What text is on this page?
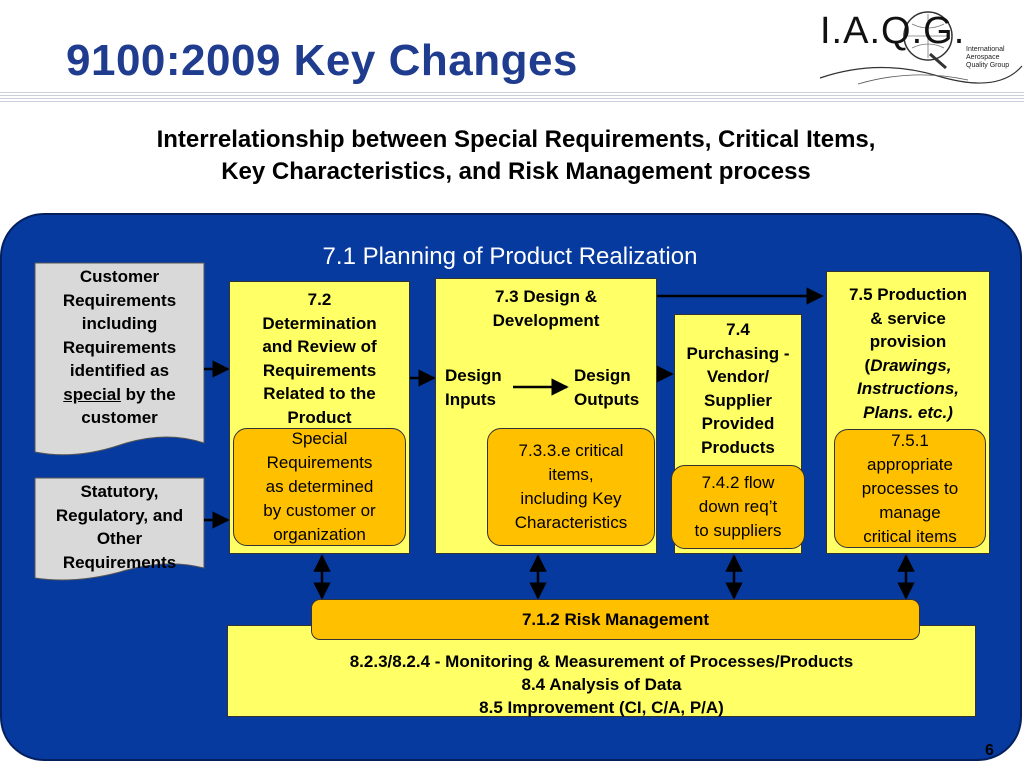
9100:2009 Key Changes
I.A.Q.G. International Aerospace
Quality Group
Interrelationship between Special Requirements, Critical Items,
Key Characteristics, and Risk Management process
7.1 Planning of Product Realization
Customer
Requirements
including
Requirements
identified as
special by the
customer
Statutory,
Regulatory, and
Other
Requirements
7.2
Determination
and Review of
Requirements
Related to the
Product
Special
Requirements
as determined
by customer or
organization
7.3 Design &
Development
Design
Inputs
Design
Outputs
7.3.3.e critical
items,
including Key
Characteristics
7.4
Purchasing -
Vendor/
Supplier
Provided
Products
7.4.2 flow
down req’t
to suppliers
7.5 Production
& service
provision
(Drawings,
Instructions,
Plans. etc.)
7.5.1
appropriate
processes to
manage
critical items
8.2.3/8.2.4 - Monitoring & Measurement of Processes/Products
8.4 Analysis of Data
8.5 Improvement (CI, C/A, P/A)
7.1.2 Risk Management
6
